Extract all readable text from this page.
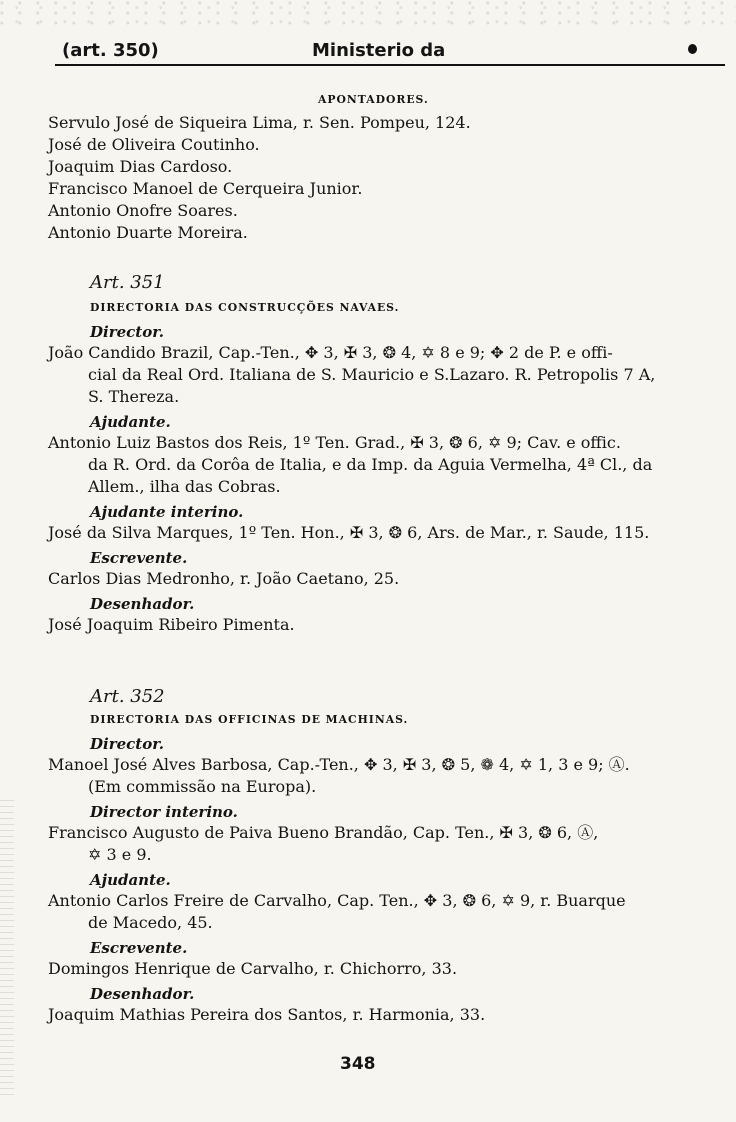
(art. 350)	Ministerio da
APONTADORES.
Servulo José de Siqueira Lima, r. Sen. Pompeu, 124.
José de Oliveira Coutinho.
Joaquim Dias Cardoso.
Francisco Manoel de Cerqueira Junior.
Antonio Onofre Soares.
Antonio Duarte Moreira.
Art. 351
DIRECTORIA DAS CONSTRUCÇÕES NAVAES.
Director.
João Candido Brazil, Cap.-Ten., ✥ 3, ✠ 3, ❂ 4, ✡ 8 e 9; ✥ 2 de P. e offi-
cial da Real Ord. Italiana de S. Mauricio e S.Lazaro. R. Petropolis 7 A,
S. Thereza.
Ajudante.
Antonio Luiz Bastos dos Reis, 1º Ten. Grad., ✠ 3, ❂ 6, ✡ 9; Cav. e offic.
da R. Ord. da Corôa de Italia, e da Imp. da Aguia Vermelha, 4ª Cl., da
Allem., ilha das Cobras.
Ajudante interino.
José da Silva Marques, 1º Ten. Hon., ✠ 3, ❂ 6, Ars. de Mar., r. Saude, 115.
Escrevente.
Carlos Dias Medronho, r. João Caetano, 25.
Desenhador.
José Joaquim Ribeiro Pimenta.
Art. 352
DIRECTORIA DAS OFFICINAS DE MACHINAS.
Director.
Manoel José Alves Barbosa, Cap.-Ten., ✥ 3, ✠ 3, ❂ 5, ❁ 4, ✡ 1, 3 e 9; Ⓐ.
(Em commissão na Europa).
Director interino.
Francisco Augusto de Paiva Bueno Brandão, Cap. Ten., ✠ 3, ❂ 6, Ⓐ,
✡ 3 e 9.
Ajudante.
Antonio Carlos Freire de Carvalho, Cap. Ten., ✥ 3, ❂ 6, ✡ 9, r. Buarque
de Macedo, 45.
Escrevente.
Domingos Henrique de Carvalho, r. Chichorro, 33.
Desenhador.
Joaquim Mathias Pereira dos Santos, r. Harmonia, 33.
348
